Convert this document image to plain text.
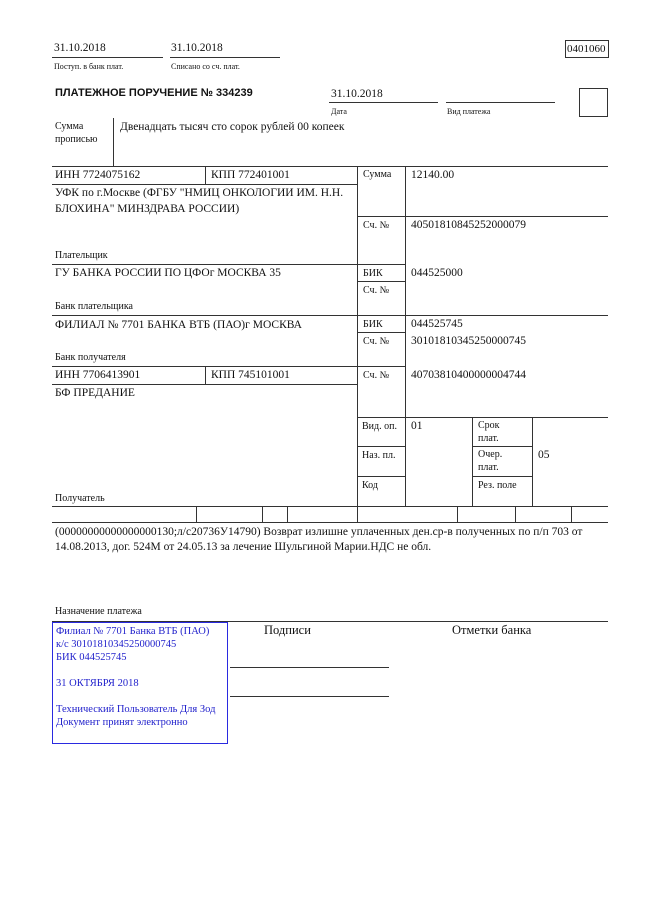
31.10.2018
Поступ. в банк плат.
31.10.2018
Списано со сч. плат.
0401060
ПЛАТЕЖНОЕ ПОРУЧЕНИЕ № 334239	31.10.2018
Дата	Вид платежа
Сумма прописью
Двенадцать тысяч сто сорок рублей 00 копеек
ИНН 7724075162	КПП 772401001
УФК по г.Москве (ФГБУ "НМИЦ ОНКОЛОГИИ ИМ. Н.Н. БЛОХИНА" МИНЗДРАВА РОССИИ)
Плательщик
Сумма 12140.00
Сч. № 40501810845252000079
ГУ БАНКА РОССИИ ПО ЦФОг МОСКВА 35
Банк плательщика
БИК 044525000
Сч. №
ФИЛИАЛ № 7701 БАНКА ВТБ (ПАО)г МОСКВА
Банк получателя
БИК 044525745
Сч. № 30101810345250000745
ИНН 7706413901	КПП 745101001
БФ ПРЕДАНИЕ
Получатель
Сч. № 40703810400000004744
Вид. оп. 01
Наз. пл.
Код
Срок плат.
Очер. плат.
05
Рез. поле
(00000000000000000130;л/с20736У14790) Возврат излишне уплаченных ден.ср-в полученных по п/п 703 от 14.08.2013, дог. 524М от 24.05.13 за лечение Шульгиной Марии.НДС не обл.
Назначение платежа
Филиал № 7701 Банка ВТБ (ПАО)
к/с 30101810345250000745
БИК 044525745
31 ОКТЯБРЯ 2018
Технический Пользователь Для Зод
Документ принят электронно
Подписи	Отметки банка
